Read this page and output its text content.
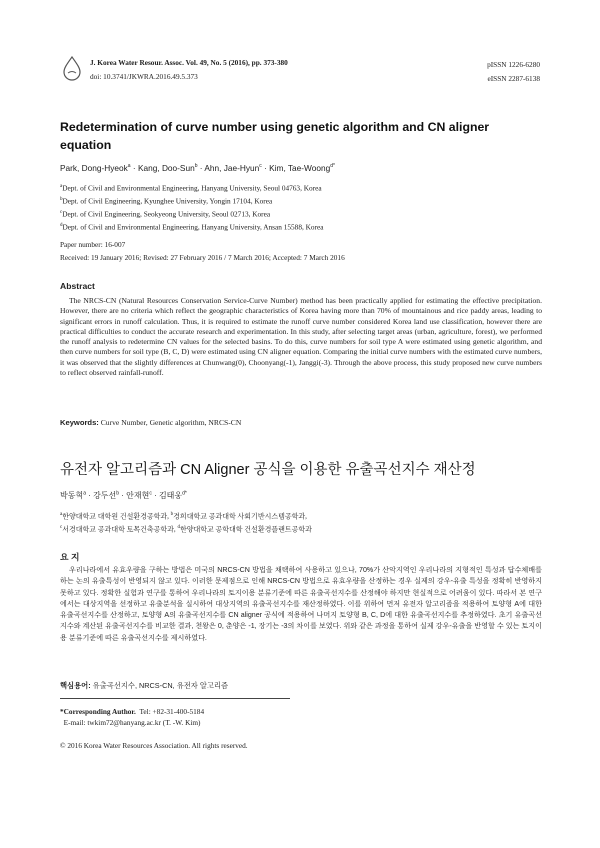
J. Korea Water Resour. Assoc. Vol. 49, No. 5 (2016), pp. 373-380
doi: 10.3741/JKWRA.2016.49.5.373
pISSN 1226-6280
eISSN 2287-6138
Redetermination of curve number using genetic algorithm and CN aligner
equation
Park, Dong-Hyeok$^a$ · Kang, Doo-Sun$^b$ · Ahn, Jae-Hyun$^c$ · Kim, Tae-Woong$^{d*}$
$^a$Dept. of Civil and Environmental Engineering, Hanyang University, Seoul 04763, Korea
$^b$Dept. of Civil Engineering, Kyunghee University, Yongin 17104, Korea
$^c$Dept. of Civil Engineering, Seokyeong University, Seoul 02713, Korea
$^d$Dept. of Civil and Environmental Engineering, Hanyang University, Ansan 15588, Korea
Paper number: 16-007
Received: 19 January 2016; Revised: 27 February 2016 / 7 March 2016; Accepted: 7 March 2016
Abstract
The NRCS-CN (Natural Resources Conservation Service-Curve Number) method has been practically applied for estimating the effective precipitation. However, there are no criteria which reflect the geographic characteristics of Korea having more than 70% of mountainous and rice paddy areas, leading to significant errors in runoff calculation. Thus, it is required to estimate the runoff curve number considered Korea land use classification, however there are practical difficulties to conduct the accurate research and experimentation. In this study, after selecting target areas (urban, agriculture, forest), we performed the runoff analysis to redetermine CN values for the selected basins. To do this, curve numbers for soil type A were estimated using genetic algorithm, and then curve numbers for soil type (B, C, D) were estimated using CN aligner equation. Comparing the initial curve numbers with the estimated curve numbers, it was observed that the slightly differences at Chunwang(0), Choonyang(-1), Janggi(-3). Through the above process, this study proposed new curve numbers to reflect observed rainfall-runoff.
Keywords: Curve Number, Genetic algorithm, NRCS-CN
유전자 알고리즘과 CN Aligner 공식을 이용한 유출곡선지수 재산정
박동혁$^a$ · 강두선$^b$ · 안재현$^c$ · 김태웅$^{d*}$
$^a$한양대학교 대학원 건설환경공학과, $^b$경희대학교 공과대학 사회기반시스템공학과,
$^c$서경대학교 공과대학 토목건축공학과, $^d$한양대학교 공학대학 건설환경플랜트공학과
요 지
우리나라에서 유효우량을 구하는 방법은 미국의 NRCS-CN 방법을 채택하여 사용하고 있으나, 70%가 산악지역인 우리나라의 지형적인 특성과 답수체배를 하는 논의 유출특성이 반영되지 않고 있다. 이러한 문제점으로 인해 NRCS-CN 방법으로 유효우량을 산정하는 경우 실제의 강우-유출 특성을 정확히 반영하지 못하고 있다. 정확한 실험과 연구를 통하여 우리나라의 토지이용 분류기준에 따른 유출곡선지수를 산정해야 하지만 현실적으로 어려움이 있다. 따라서 본 연구에서는 대상지역을 선정하고 유출분석을 실시하여 대상지역의 유출곡선지수를 재산정하였다. 이를 위하여 먼저 유전자 알고리즘을 적용하여 토양형 A에 대한 유출곡선지수를 산정하고, 토양형 A의 유출곡선지수를 CN aligner 공식에 적용하여 나머지 토양형 B, C, D에 대한 유출곡선지수를 추정하였다. 초기 유출곡선지수와 계산된 유출곡선지수를 비교한 결과, 천왕은 0, 춘양은 -1, 장기는 -3의 차이를 보였다. 위와 같은 과정을 통하여 실제 강우-유출을 반영할 수 있는 토지이용 분류기준에 따른 유출곡선지수를 제시하였다.
핵심용어: 유출곡선지수, NRCS-CN, 유전자 알고리즘
*Corresponding Author. Tel: +82-31-400-5184
E-mail: twkim72@hanyang.ac.kr (T. -W. Kim)
© 2016 Korea Water Resources Association. All rights reserved.
